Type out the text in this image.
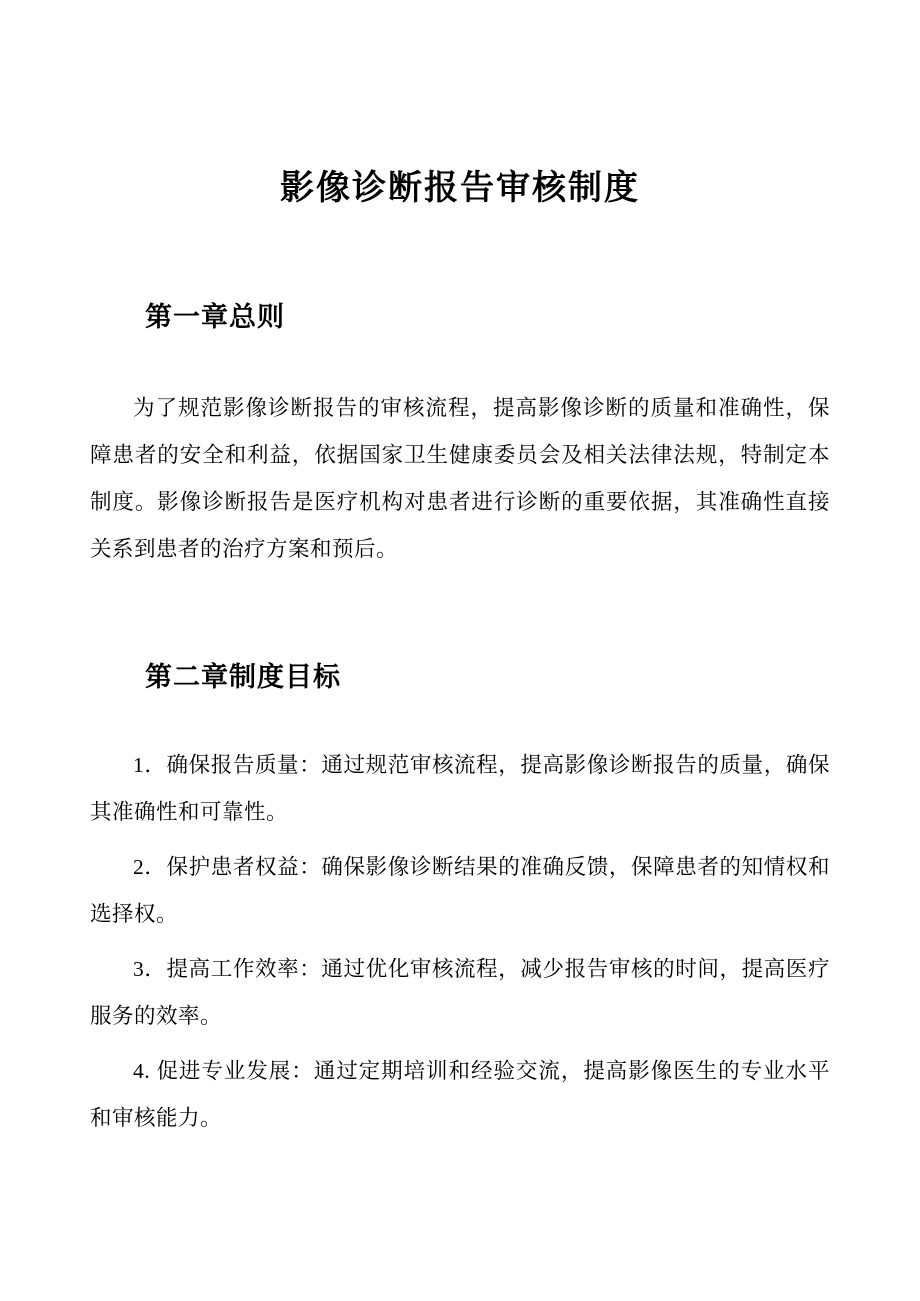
影像诊断报告审核制度
第一章总则

为了规范影像诊断报告的审核流程，提高影像诊断的质量和准确性，保障患者的安全和利益，依据国家卫生健康委员会及相关法律法规，特制定本制度。影像诊断报告是医疗机构对患者进行诊断的重要依据，其准确性直接关系到患者的治疗方案和预后。

第二章制度目标

1．确保报告质量：通过规范审核流程，提高影像诊断报告的质量，确保其准确性和可靠性。

2．保护患者权益：确保影像诊断结果的准确反馈，保障患者的知情权和选择权。

3．提高工作效率：通过优化审核流程，减少报告审核的时间，提高医疗服务的效率。

4. 促进专业发展：通过定期培训和经验交流，提高影像医生的专业水平和审核能力。
